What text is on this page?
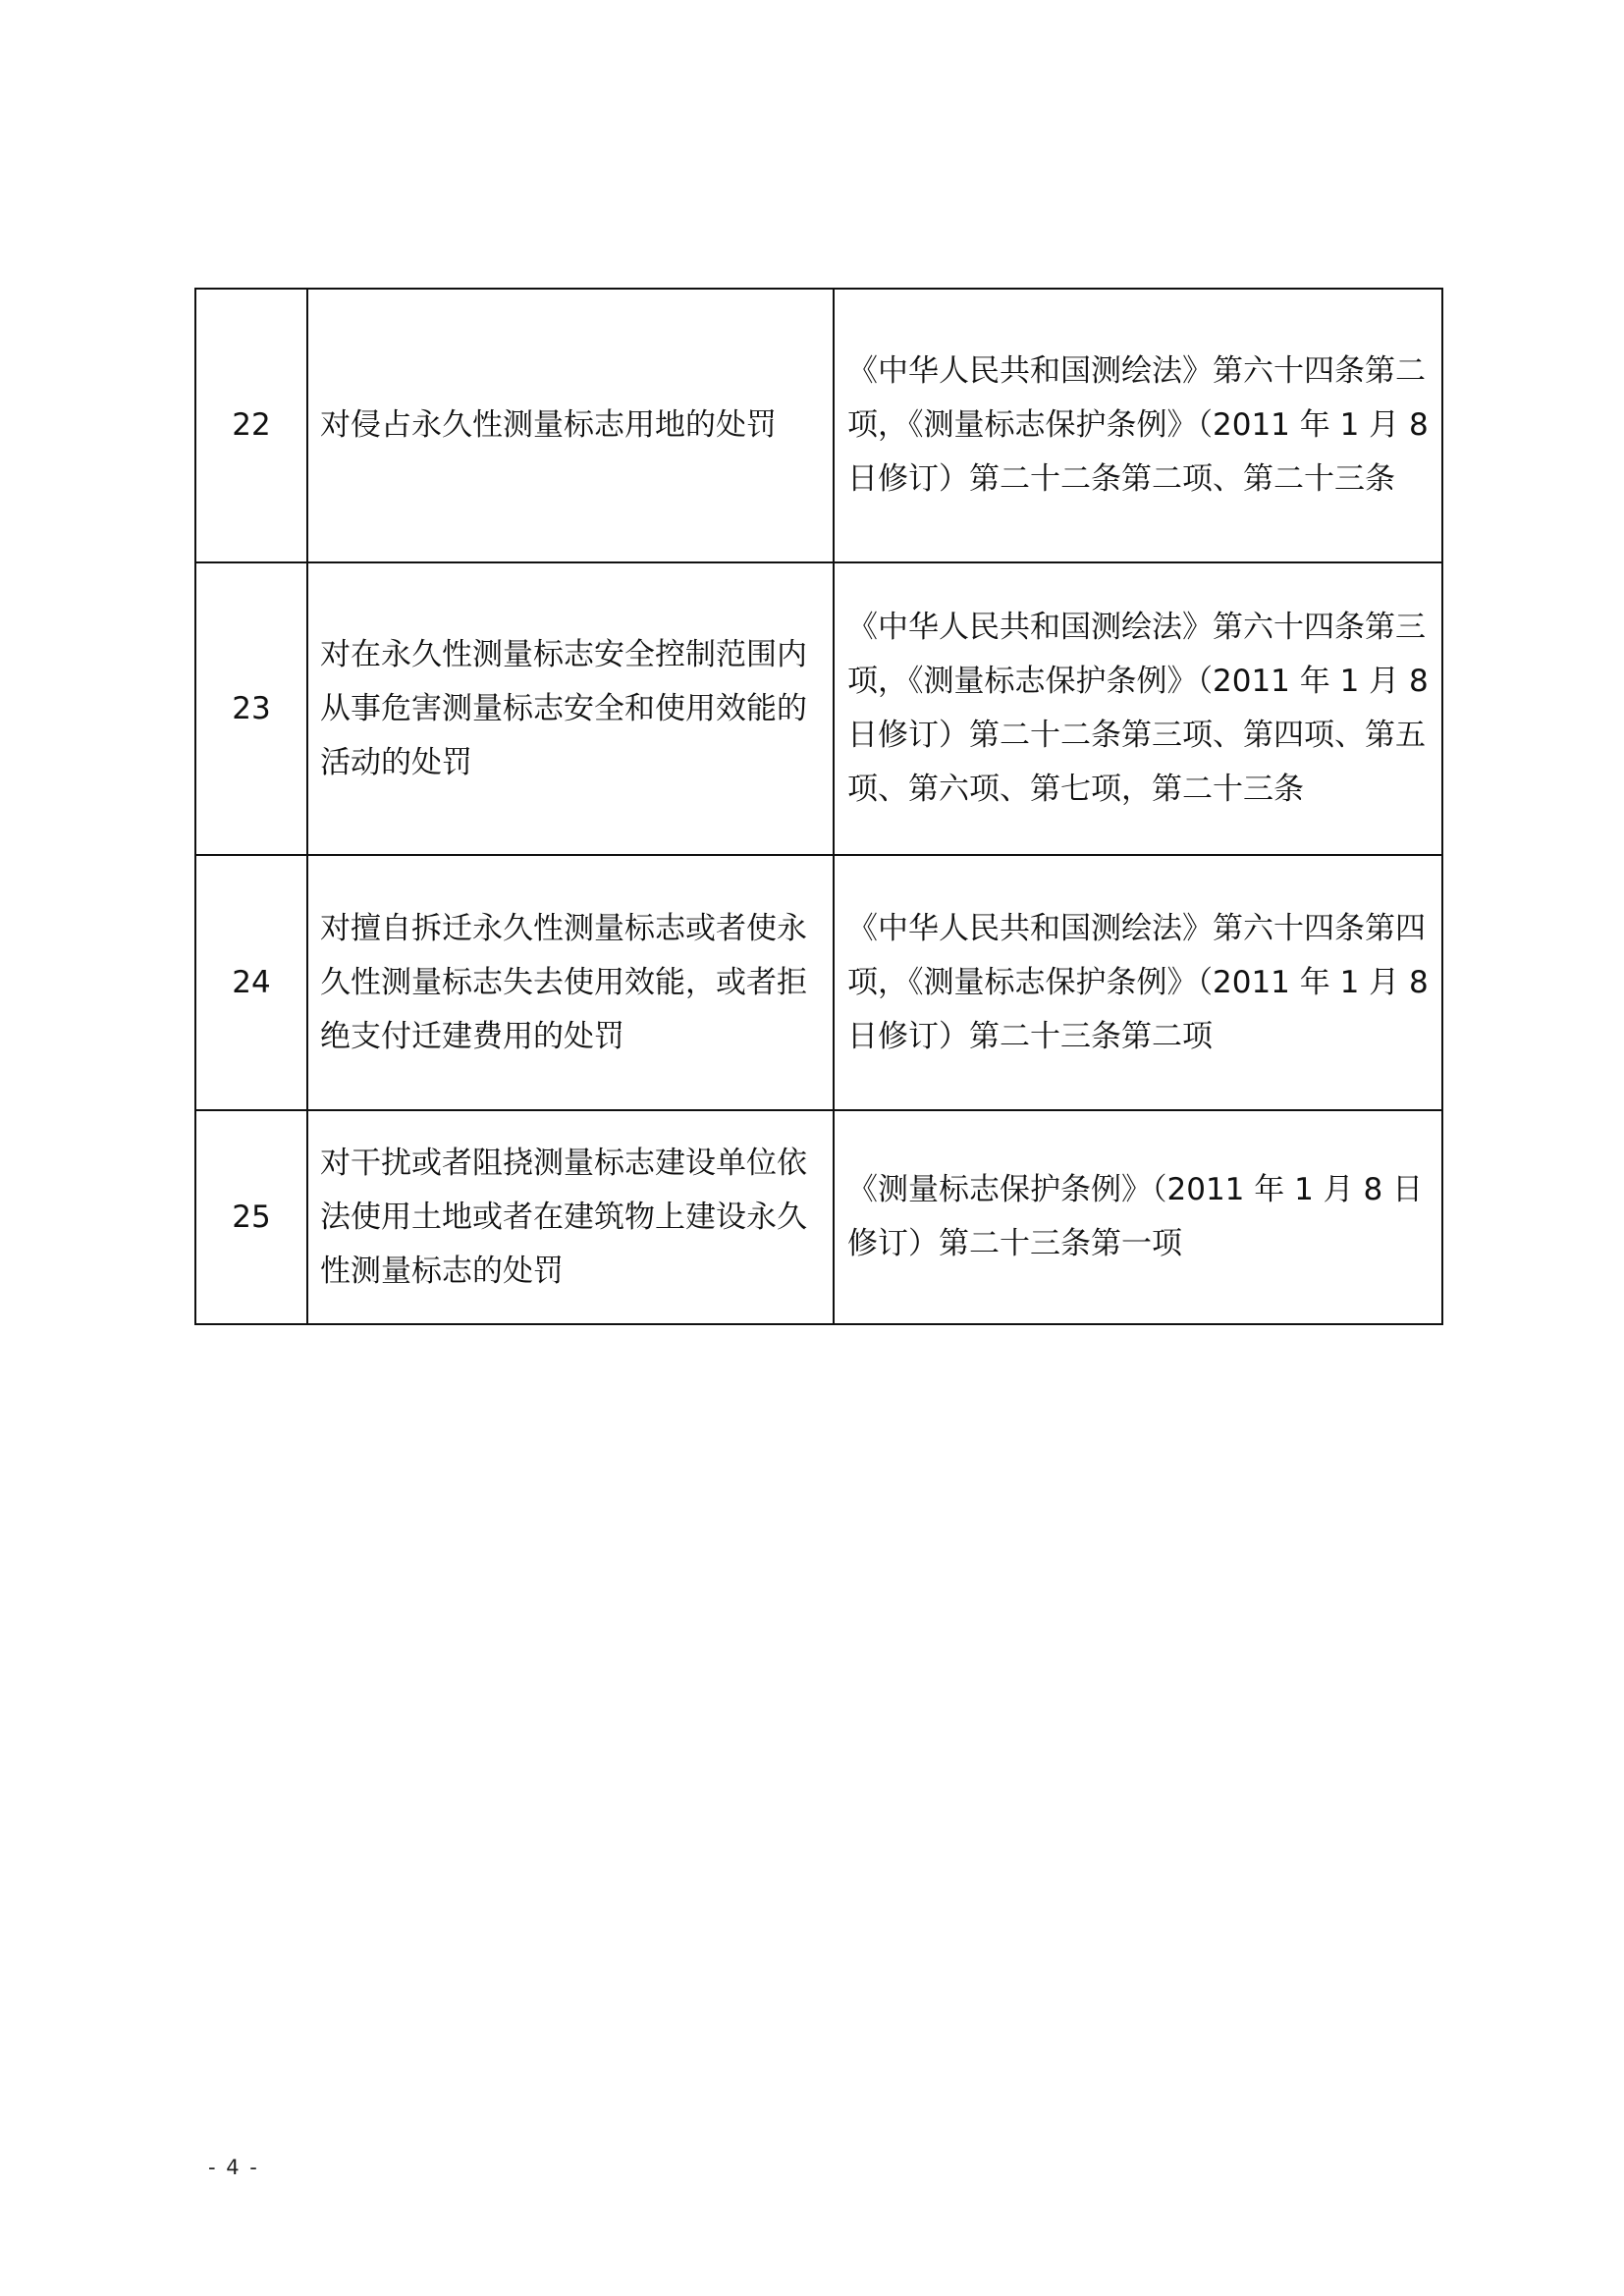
22	对侵占永久性测量标志用地的处罚	《中华人民共和国测绘法》第六十四条第二项，《测量标志保护条例》（2011 年 1 月 8 日修订）第二十二条第二项、第二十三条
23	对在永久性测量标志安全控制范围内从事危害测量标志安全和使用效能的活动的处罚	《中华人民共和国测绘法》第六十四条第三项，《测量标志保护条例》（2011 年 1 月 8 日修订）第二十二条第三项、第四项、第五项、第六项、第七项，第二十三条
24	对擅自拆迁永久性测量标志或者使永久性测量标志失去使用效能，或者拒绝支付迁建费用的处罚	《中华人民共和国测绘法》第六十四条第四项，《测量标志保护条例》（2011 年 1 月 8 日修订）第二十三条第二项
25	对干扰或者阻挠测量标志建设单位依法使用土地或者在建筑物上建设永久性测量标志的处罚	《测量标志保护条例》（2011 年 1 月 8 日修订）第二十三条第一项
- 4 -
